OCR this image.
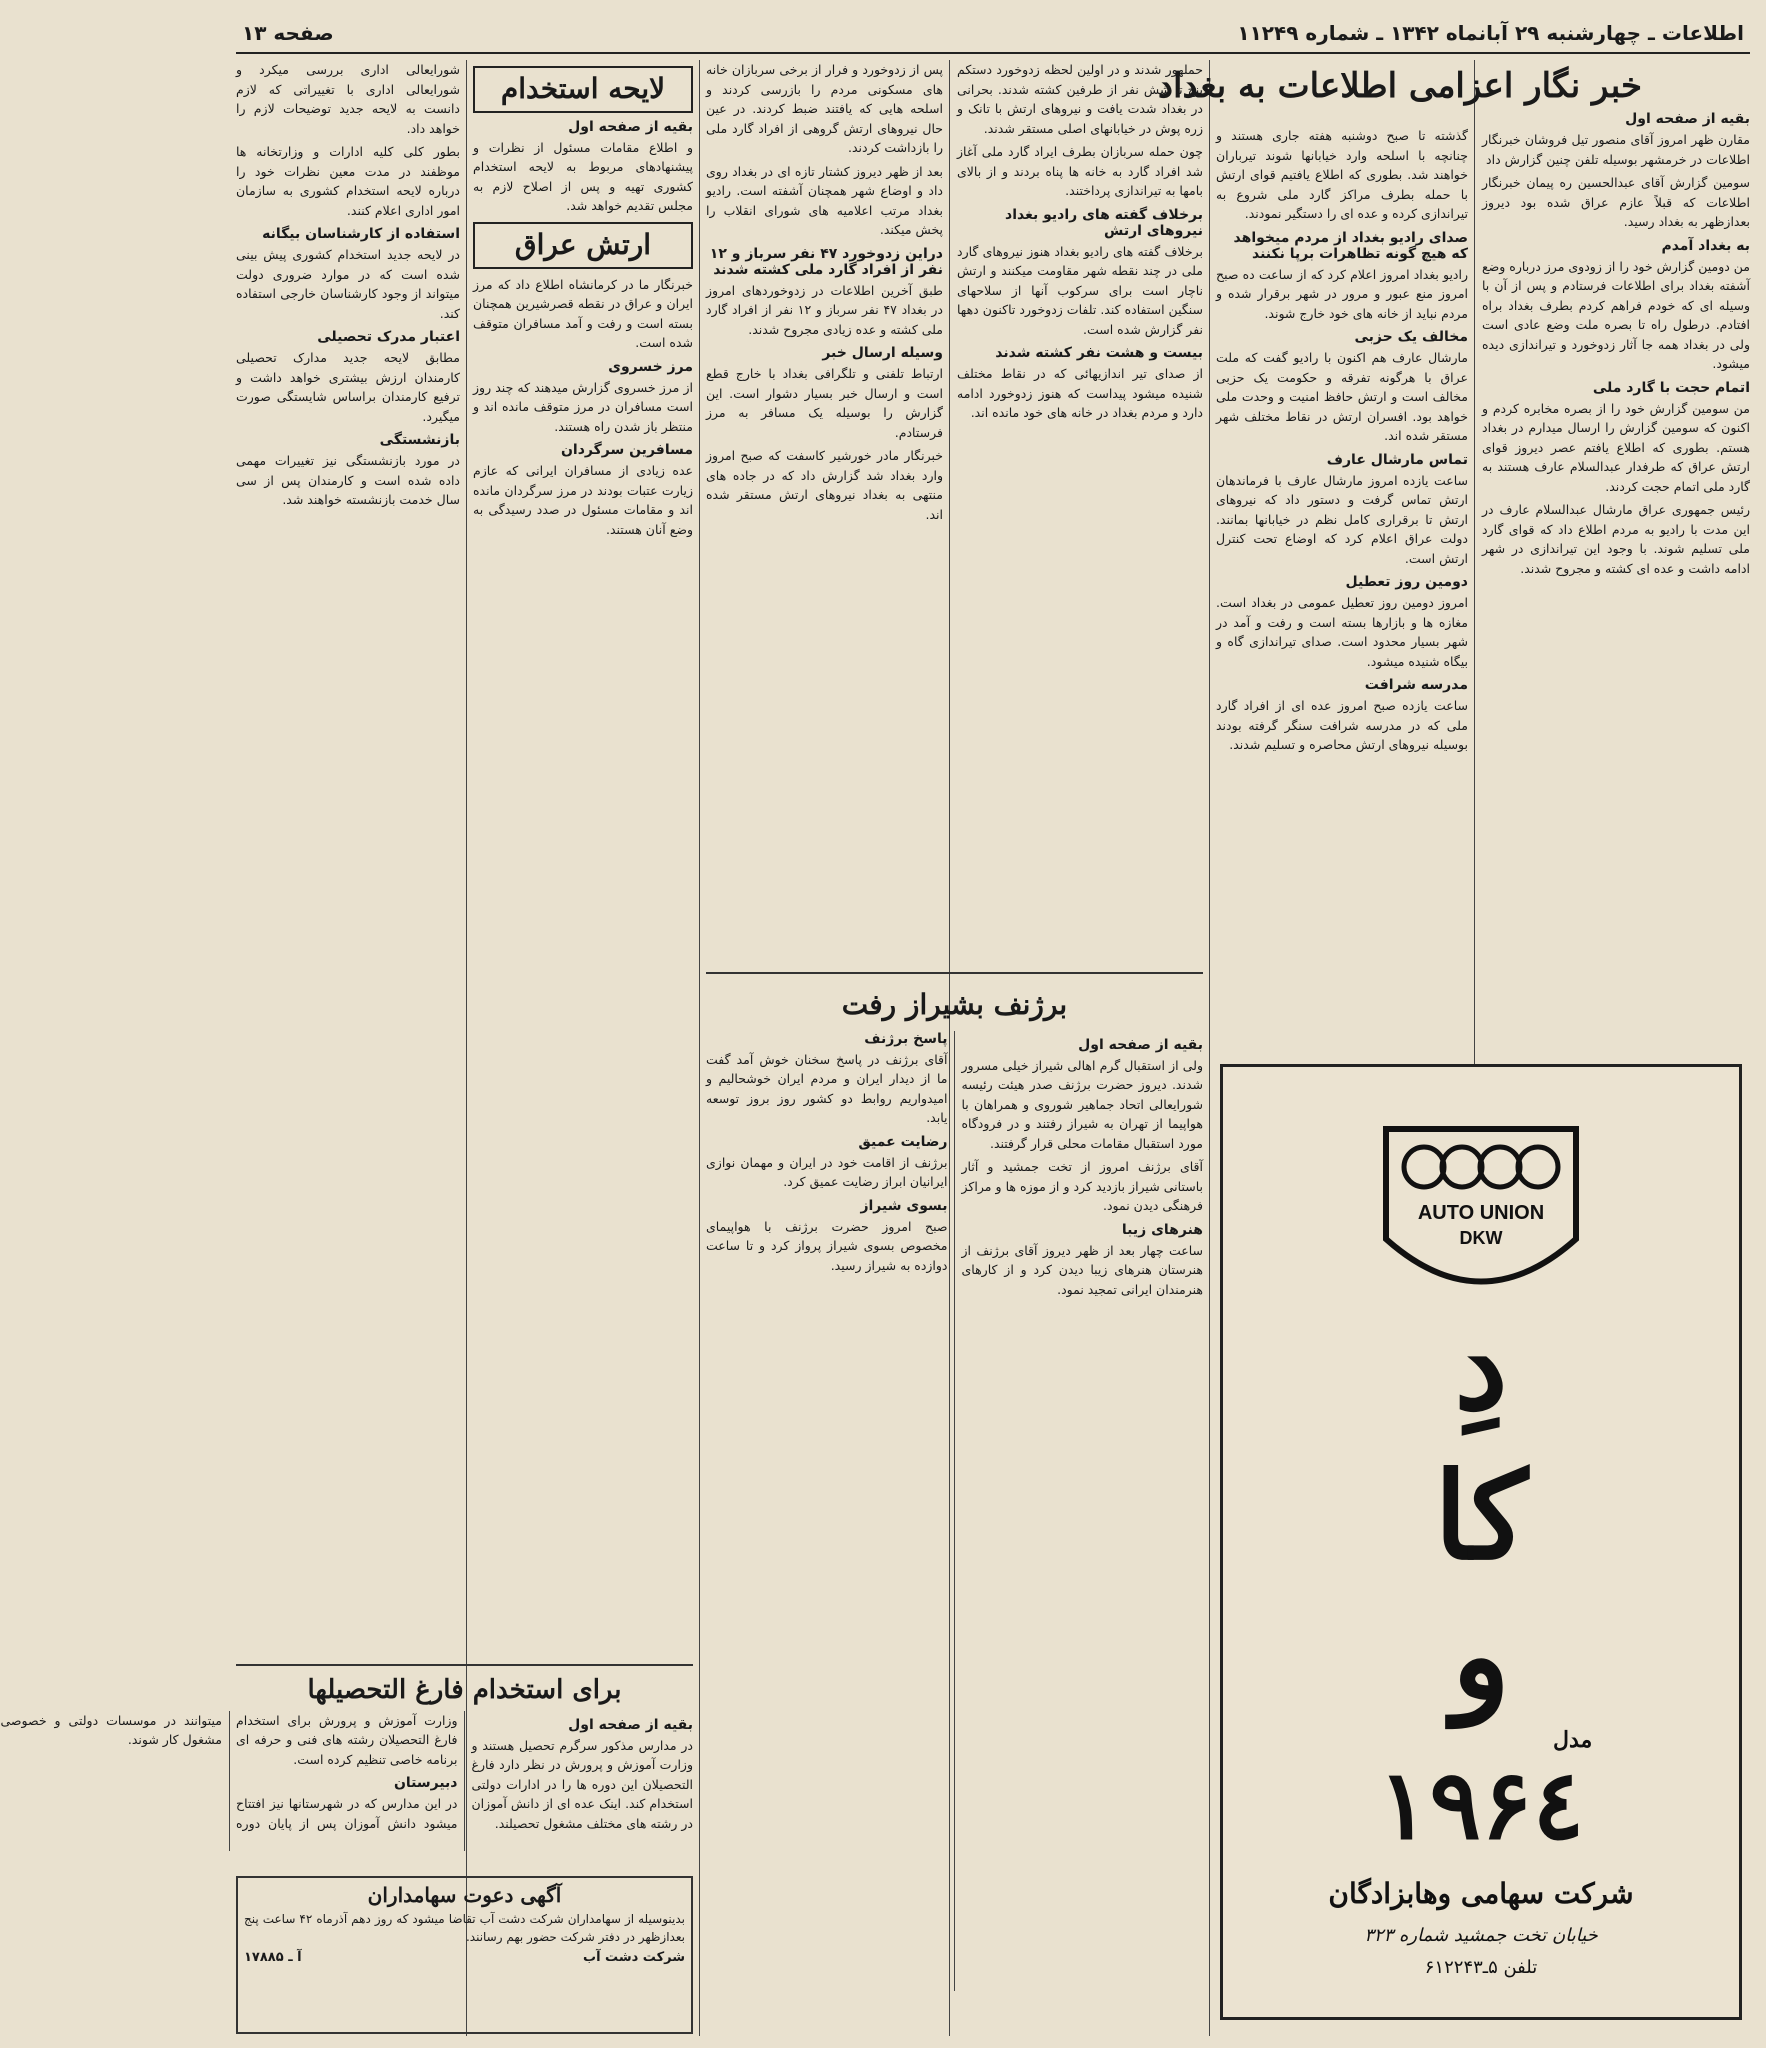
اطلاعات ـ چهارشنبه ۲۹ آبانماه ۱۳۴۲ ـ شماره ۱۱۲۴۹
صفحه ۱۳
خبر نگار اعزامی اطلاعات به بغداد
بقیه از صفحه اول

مقارن ظهر امروز آقای منصور تیل فروشان خبرنگار اطلاعات در خرمشهر بوسیله تلفن چنین گزارش داد

سومین گزارش آقای عبدالحسین ره پیمان خبرنگار اطلاعات که قبلاً عازم عراق شده بود دیروز بعدازظهر به بغداد رسید.

به بغداد آمدم

من دومین گزارش خود را از زودوی مرز درباره وضع آشفته بغداد برای اطلاعات فرستادم و پس از آن با وسیله ای که خودم فراهم کردم بطرف بغداد براه افتادم. درطول راه تا بصره ملت وضع عادی است ولی در بغداد همه جا آثار زدوخورد و تیراندازی دیده میشود.

اتمام حجت با گارد ملی

من سومین گزارش خود را از بصره مخابره کردم و اکنون که سومین گزارش را ارسال میدارم در بغداد هستم. بطوری که اطلاع یافتم عصر دیروز قوای ارتش عراق که طرفدار عبدالسلام عارف هستند به گارد ملی اتمام حجت کردند.

رئیس جمهوری عراق مارشال عبدالسلام عارف در این مدت با رادیو به مردم اطلاع داد که قوای گارد ملی تسلیم شوند. با وجود این تیراندازی در شهر ادامه داشت و عده ای کشته و مجروح شدند.

گذشته تا صبح دوشنبه هفته جاری هستند و چنانچه با اسلحه وارد خیابانها شوند تیرباران خواهند شد. بطوری که اطلاع یافتیم قوای ارتش با حمله بطرف مراکز گارد ملی شروع به تیراندازی کرده و عده ای را دستگیر نمودند.

صدای رادیو بغداد از مردم میخواهد که هیچ گونه تظاهرات برپا نکنند

رادیو بغداد امروز اعلام کرد که از ساعت ده صبح امروز منع عبور و مرور در شهر برقرار شده و مردم نباید از خانه های خود خارج شوند.

مخالف یک حزبی

مارشال عارف هم اکنون با رادیو گفت که ملت عراق با هرگونه تفرقه و حکومت یک حزبی مخالف است و ارتش حافظ امنیت و وحدت ملی خواهد بود. افسران ارتش در نقاط مختلف شهر مستقر شده اند.

تماس مارشال عارف

ساعت یازده امروز مارشال عارف با فرماندهان ارتش تماس گرفت و دستور داد که نیروهای ارتش تا برقراری کامل نظم در خیابانها بمانند. دولت عراق اعلام کرد که اوضاع تحت کنترل ارتش است.

دومین روز تعطیل

امروز دومین روز تعطیل عمومی در بغداد است. مغازه ها و بازارها بسته است و رفت و آمد در شهر بسیار محدود است. صدای تیراندازی گاه و بیگاه شنیده میشود.

مدرسه شرافت

ساعت یازده صبح امروز عده ای از افراد گارد ملی که در مدرسه شرافت سنگر گرفته بودند بوسیله نیروهای ارتش محاصره و تسلیم شدند.

حملهور شدند و در اولین لحظه زدوخورد دستکم پنج تا شش نفر از طرفین کشته شدند. بحرانی در بغداد شدت یافت و نیروهای ارتش با تانک و زره پوش در خیابانهای اصلی مستقر شدند.

چون حمله سربازان بطرف ایراد گارد ملی آغاز شد افراد گارد به خانه ها پناه بردند و از بالای بامها به تیراندازی پرداختند.

برخلاف گفته های رادیو بغداد نیروهای ارتش

برخلاف گفته های رادیو بغداد هنوز نیروهای گارد ملی در چند نقطه شهر مقاومت میکنند و ارتش ناچار است برای سرکوب آنها از سلاحهای سنگین استفاده کند. تلفات زدوخورد تاکنون دهها نفر گزارش شده است.

بیست و هشت نفر کشته شدند

از صدای تیر اندازیهائی که در نقاط مختلف شنیده میشود پیداست که هنوز زدوخورد ادامه دارد و مردم بغداد در خانه های خود مانده اند.

پس از زدوخورد و فرار از برخی سربازان خانه های مسکونی مردم را بازرسی کردند و اسلحه هایی که یافتند ضبط کردند. در عین حال نیروهای ارتش گروهی از افراد گارد ملی را بازداشت کردند.

بعد از ظهر دیروز کشتار تازه ای در بغداد روی داد و اوضاع شهر همچنان آشفته است. رادیو بغداد مرتب اعلامیه های شورای انقلاب را پخش میکند.

دراین زدوخورد ۴۷ نفر سرباز و ۱۲ نفر از افراد گارد ملی کشته شدند

طبق آخرین اطلاعات در زدوخوردهای امروز در بغداد ۴۷ نفر سرباز و ۱۲ نفر از افراد گارد ملی کشته و عده زیادی مجروح شدند.

وسیله ارسال خبر

ارتباط تلفنی و تلگرافی بغداد با خارج قطع است و ارسال خبر بسیار دشوار است. این گزارش را بوسیله یک مسافر به مرز فرستادم.

خبرنگار مادر خورشیر کاسفت که صبح امروز وارد بغداد شد گزارش داد که در جاده های منتهی به بغداد نیروهای ارتش مستقر شده اند.

برژنف بشیراز رفت
بقیه از صفحه اول

ولی از استقبال گرم اهالی شیراز خیلی مسرور شدند. دیروز حضرت برژنف صدر هیئت رئیسه شورایعالی اتحاد جماهیر شوروی و همراهان با هواپیما از تهران به شیراز رفتند و در فرودگاه مورد استقبال مقامات محلی قرار گرفتند.

آقای برژنف امروز از تخت جمشید و آثار باستانی شیراز بازدید کرد و از موزه ها و مراکز فرهنگی دیدن نمود.

هنرهای زیبا

ساعت چهار بعد از ظهر دیروز آقای برژنف از هنرستان هنرهای زیبا دیدن کرد و از کارهای هنرمندان ایرانی تمجید نمود.

پاسخ برژنف

آقای برژنف در پاسخ سخنان خوش آمد گفت ما از دیدار ایران و مردم ایران خوشحالیم و امیدواریم روابط دو کشور روز بروز توسعه یابد.

رضایت عمیق

برژنف از اقامت خود در ایران و مهمان نوازی ایرانیان ابراز رضایت عمیق کرد.

بسوی شیراز

صبح امروز حضرت برژنف با هواپیمای مخصوص بسوی شیراز پرواز کرد و تا ساعت دوازده به شیراز رسید.

لایحه استخدام
بقیه از صفحه اول

و اطلاع مقامات مسئول از نظرات و پیشنهادهای مربوط به لایحه استخدام کشوری تهیه و پس از اصلاح لازم به مجلس تقدیم خواهد شد.

ارتش عراق

خبرنگار ما در کرمانشاه اطلاع داد که مرز ایران و عراق در نقطه قصرشیرین همچنان بسته است و رفت و آمد مسافران متوقف شده است.

مرز خسروی

از مرز خسروی گزارش میدهند که چند روز است مسافران در مرز متوقف مانده اند و منتظر باز شدن راه هستند.

مسافرین سرگردان

عده زیادی از مسافران ایرانی که عازم زیارت عتبات بودند در مرز سرگردان مانده اند و مقامات مسئول در صدد رسیدگی به وضع آنان هستند.

شورایعالی اداری بررسی میکرد و شورایعالی اداری با تغییراتی که لازم دانست به لایحه جدید توضیحات لازم را خواهد داد.

بطور کلی کلیه ادارات و وزارتخانه ها موظفند در مدت معین نظرات خود را درباره لایحه استخدام کشوری به سازمان امور اداری اعلام کنند.

استفاده از کارشناسان بیگانه

در لایحه جدید استخدام کشوری پیش بینی شده است که در موارد ضروری دولت میتواند از وجود کارشناسان خارجی استفاده کند.

اعتبار مدرک تحصیلی

مطابق لایحه جدید مدارک تحصیلی کارمندان ارزش بیشتری خواهد داشت و ترفیع کارمندان براساس شایستگی صورت میگیرد.

بازنشستگی

در مورد بازنشستگی نیز تغییرات مهمی داده شده است و کارمندان پس از سی سال خدمت بازنشسته خواهند شد.

برای استخدام فارغ التحصیلها
بقیه از صفحه اول

در مدارس مذکور سرگرم تحصیل هستند و وزارت آموزش و پرورش در نظر دارد فارغ التحصیلان این دوره ها را در ادارات دولتی استخدام کند. اینک عده ای از دانش آموزان در رشته های مختلف مشغول تحصیلند.

وزارت آموزش و پرورش برای استخدام فارغ التحصیلان رشته های فنی و حرفه ای برنامه خاصی تنظیم کرده است.

دبیرستان

در این مدارس که در شهرستانها نیز افتتاح میشود دانش آموزان پس از پایان دوره میتوانند در موسسات دولتی و خصوصی مشغول کار شوند.

آگهی دعوت سهامداران

بدینوسیله از سهامداران شرکت دشت آب تقاضا میشود که روز دهم آذرماه ۴۲ ساعت پنج بعدازظهر در دفتر شرکت حضور بهم رسانند.

شرکت دشت آب
آ ـ ۱۷۸۸۵
AUTO UNION
DKW
دِ
کا
و
مدل
۱۹۶٤
شرکت سهامی وهابزادگان
خیابان تخت جمشید شماره ۳۲۳
تلفن ۵ـ۶۱۲۲۴۳
